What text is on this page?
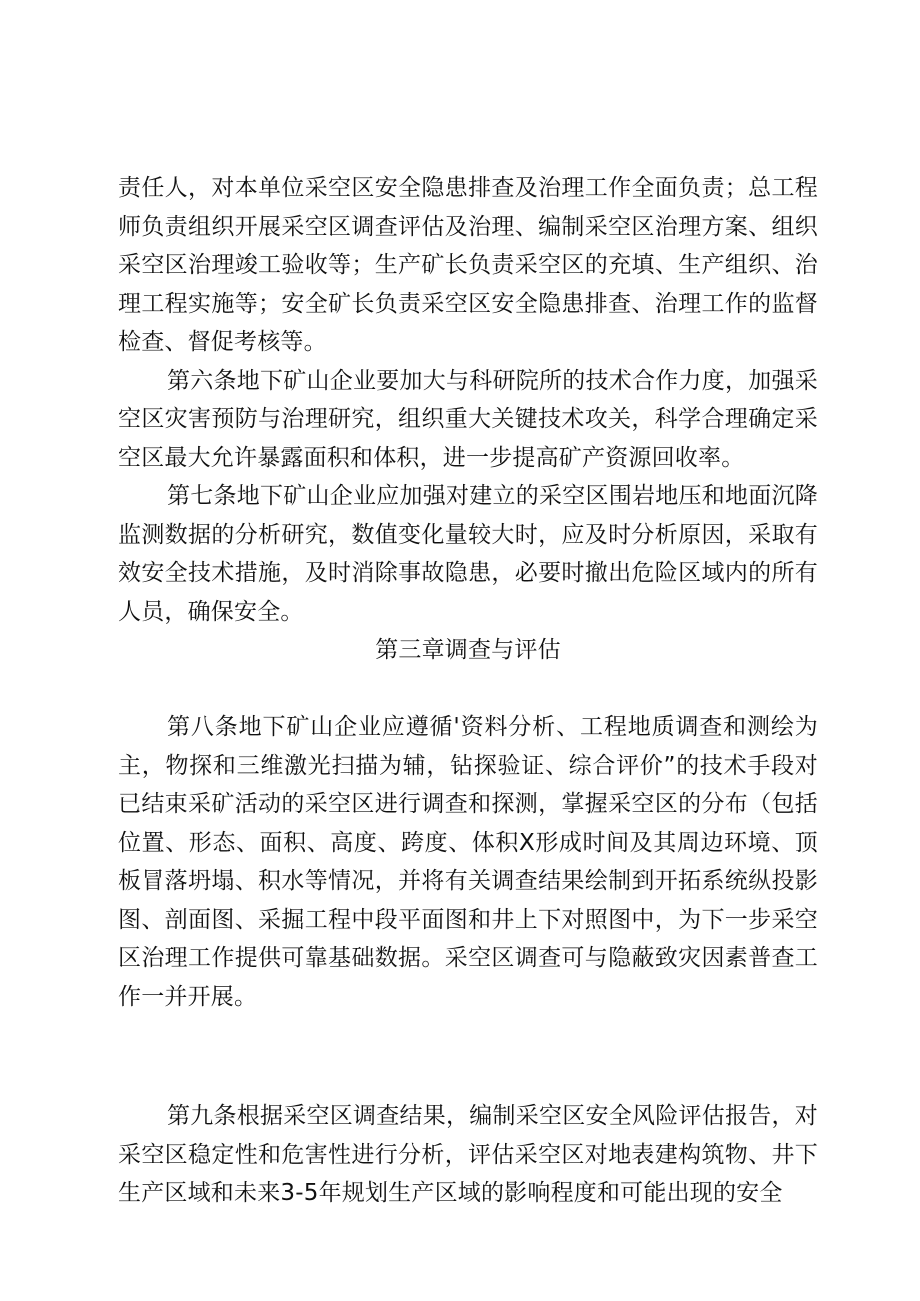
责任人，对本单位采空区安全隐患排查及治理工作全面负责；总工程师负责组织开展采空区调查评估及治理、编制采空区治理方案、组织采空区治理竣工验收等；生产矿长负责采空区的充填、生产组织、治理工程实施等；安全矿长负责采空区安全隐患排查、治理工作的监督检查、督促考核等。

第六条地下矿山企业要加大与科研院所的技术合作力度，加强采空区灾害预防与治理研究，组织重大关键技术攻关，科学合理确定采空区最大允许暴露面积和体积，进一步提高矿产资源回收率。

第七条地下矿山企业应加强对建立的采空区围岩地压和地面沉降监测数据的分析研究，数值变化量较大时，应及时分析原因，采取有效安全技术措施，及时消除事故隐患，必要时撤出危险区域内的所有人员，确保安全。

第三章调查与评估

第八条地下矿山企业应遵循'资料分析、工程地质调查和测绘为主，物探和三维激光扫描为辅，钻探验证、综合评价”的技术手段对已结束采矿活动的采空区进行调查和探测，掌握采空区的分布（包括位置、形态、面积、高度、跨度、体积X形成时间及其周边环境、顶板冒落坍塌、积水等情况，并将有关调查结果绘制到开拓系统纵投影图、剖面图、采掘工程中段平面图和井上下对照图中，为下一步采空区治理工作提供可靠基础数据。采空区调查可与隐蔽致灾因素普查工作一并开展。

第九条根据采空区调查结果，编制采空区安全风险评估报告，对采空区稳定性和危害性进行分析，评估采空区对地表建构筑物、井下生产区域和未来3-5年规划生产区域的影响程度和可能出现的安全
